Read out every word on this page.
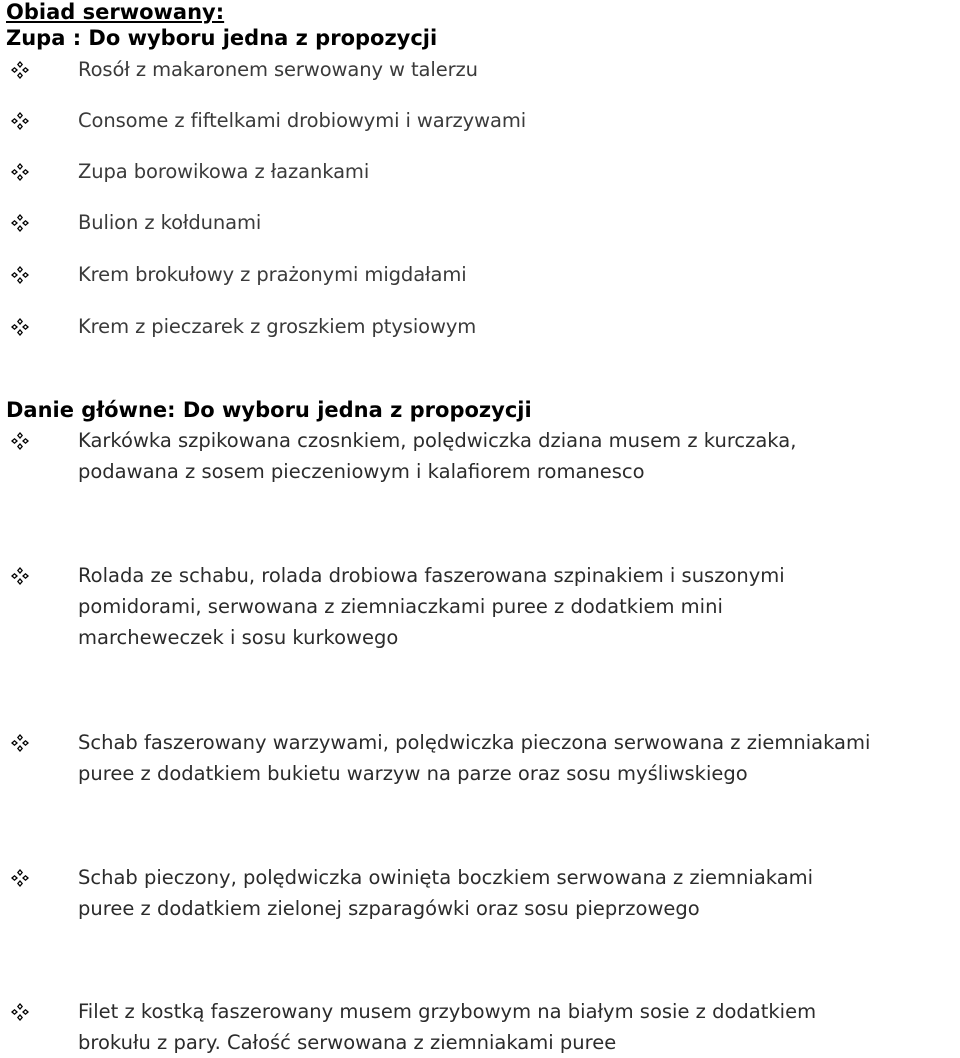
Obiad serwowany:
Zupa : Do wyboru jedna z propozycji
Rosół z makaronem serwowany w talerzu
Consome z fiftelkami drobiowymi i warzywami
Zupa borowikowa z łazankami
Bulion z kołdunami
Krem brokułowy z prażonymi migdałami
Krem z pieczarek z groszkiem ptysiowym
Danie główne: Do wyboru jedna z propozycji
Karkówka szpikowana czosnkiem, polędwiczka dziana musem z kurczaka,
podawana z sosem pieczeniowym i kalafiorem romanesco
Rolada ze schabu, rolada drobiowa faszerowana szpinakiem i suszonymi
pomidorami, serwowana z ziemniaczkami puree z dodatkiem mini
marcheweczek i sosu kurkowego
Schab faszerowany warzywami, polędwiczka pieczona serwowana z ziemniakami
puree z dodatkiem bukietu warzyw na parze oraz sosu myśliwskiego
Schab pieczony, polędwiczka owinięta boczkiem serwowana z ziemniakami
puree z dodatkiem zielonej szparagówki oraz sosu pieprzowego
Filet z kostką faszerowany musem grzybowym na białym sosie z dodatkiem
brokułu z pary. Całość serwowana z ziemniakami puree
